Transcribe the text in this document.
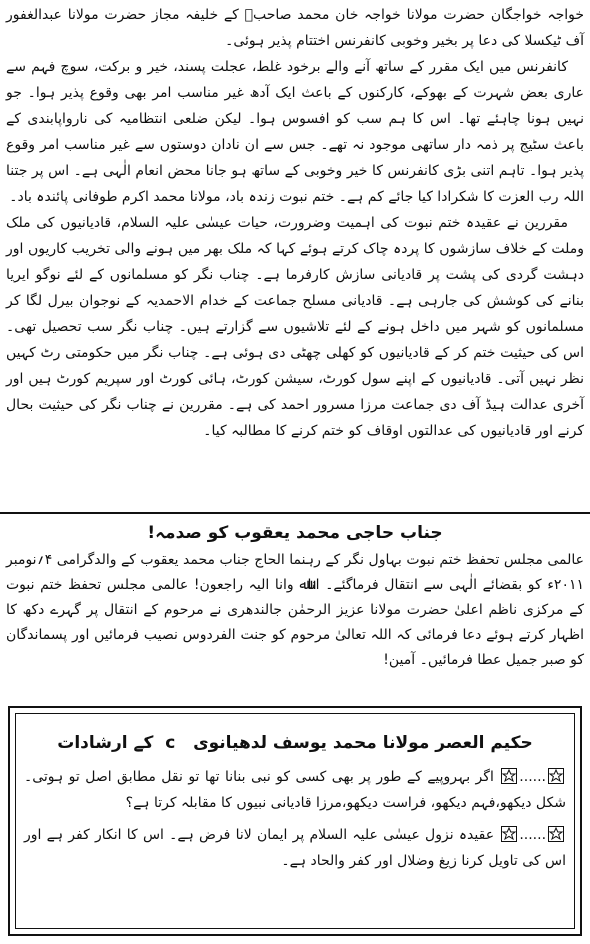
خواجہ خواجگان حضرت مولانا خواجہ خان محمد صاحبؒ کے خلیفہ مجاز حضرت مولانا عبدالغفور آف ٹیکسلا کی دعا پر بخیر وخوبی کانفرنس اختتام پذیر ہوئی۔

کانفرنس میں ایک مقرر کے ساتھ آنے والے برخود غلط، عجلت پسند، خیر و برکت، سوچ فہم سے عاری بعض شہرت کے بھوکے، کارکنوں کے باعث ایک آدھ غیر مناسب امر بھی وقوع پذیر ہوا۔ جو نہیں ہونا چاہئے تھا۔ اس کا ہم سب کو افسوس ہوا۔ لیکن ضلعی انتظامیہ کی نارواپابندی کے باعث سٹیج پر ذمہ دار ساتھی موجود نہ تھے۔ جس سے ان نادان دوستوں سے غیر مناسب امر وقوع پذیر ہوا۔ تاہم اتنی بڑی کانفرنس کا خیر وخوبی کے ساتھ ہو جانا محض انعام الٰہی ہے۔ اس پر جتنا اللہ رب العزت کا شکرادا کیا جائے کم ہے۔ ختم نبوت زندہ باد، مولانا محمد اکرم طوفانی پائندہ باد۔

مقررین نے عقیدہ ختم نبوت کی اہمیت وضرورت، حیات عیسٰی علیہ السلام، قادیانیوں کی ملک وملت کے خلاف سازشوں کا پردہ چاک کرتے ہوئے کہا کہ ملک بھر میں ہونے والی تخریب کاریوں اور دہشت گردی کی پشت پر قادیانی سازش کارفرما ہے۔ چناب نگر کو مسلمانوں کے لئے نوگو ایریا بنانے کی کوشش کی جارہی ہے۔ قادیانی مسلح جماعت کے خدام الاحمدیہ کے نوجوان بیرل لگا کر مسلمانوں کو شہر میں داخل ہونے کے لئے تلاشیوں سے گزارتے ہیں۔ چناب نگر سب تحصیل تھی۔ اس کی حیثیت ختم کر کے قادیانیوں کو کھلی چھٹی دی ہوئی ہے۔ چناب نگر میں حکومتی رٹ کہیں نظر نہیں آتی۔ قادیانیوں کے اپنے سول کورٹ، سیشن کورٹ، ہائی کورٹ اور سپریم کورٹ ہیں اور آخری عدالت ہیڈ آف دی جماعت مرزا مسرور احمد کی ہے۔ مقررین نے چناب نگر کی حیثیت بحال کرنے اور قادیانیوں کی عدالتوں اوقاف کو ختم کرنے کا مطالبہ کیا۔

جناب حاجی محمد یعقوب کو صدمہ!

عالمی مجلس تحفظ ختم نبوت بہاول نگر کے رہنما الحاج جناب محمد یعقوب کے والدگرامی ۴؍نومبر ۲۰۱۱ء کو بقضائے الٰہی سے انتقال فرماگئے۔ اناﷲ وانا الیہ راجعون! عالمی مجلس تحفظ ختم نبوت کے مرکزی ناظم اعلیٰ حضرت مولانا عزیز الرحمٰن جالندھری نے مرحوم کے انتقال پر گہرے دکھ کا اظہار کرتے ہوئے دعا فرمائی کہ اللہ تعالیٰ مرحوم کو جنت الفردوس نصیب فرمائیں اور پسماندگان کو صبر جمیل عطا فرمائیں۔ آمین!

حکیم العصر مولانا محمد یوسف لدھیانوی   c  کے ارشادات

...... اگر بہروپیے کے طور پر بھی کسی کو نبی بنانا تھا تو نقل مطابق اصل تو ہوتی۔ شکل دیکھو،فہم دیکھو، فراست دیکھو،مرزا قادیانی نبیوں کا مقابلہ کرتا ہے؟

...... عقیدہ نزول عیسٰی علیہ السلام پر ایمان لانا فرض ہے۔ اس کا انکار کفر ہے اور اس کی تاویل کرنا زیغ وضلال اور کفر والحاد ہے۔
